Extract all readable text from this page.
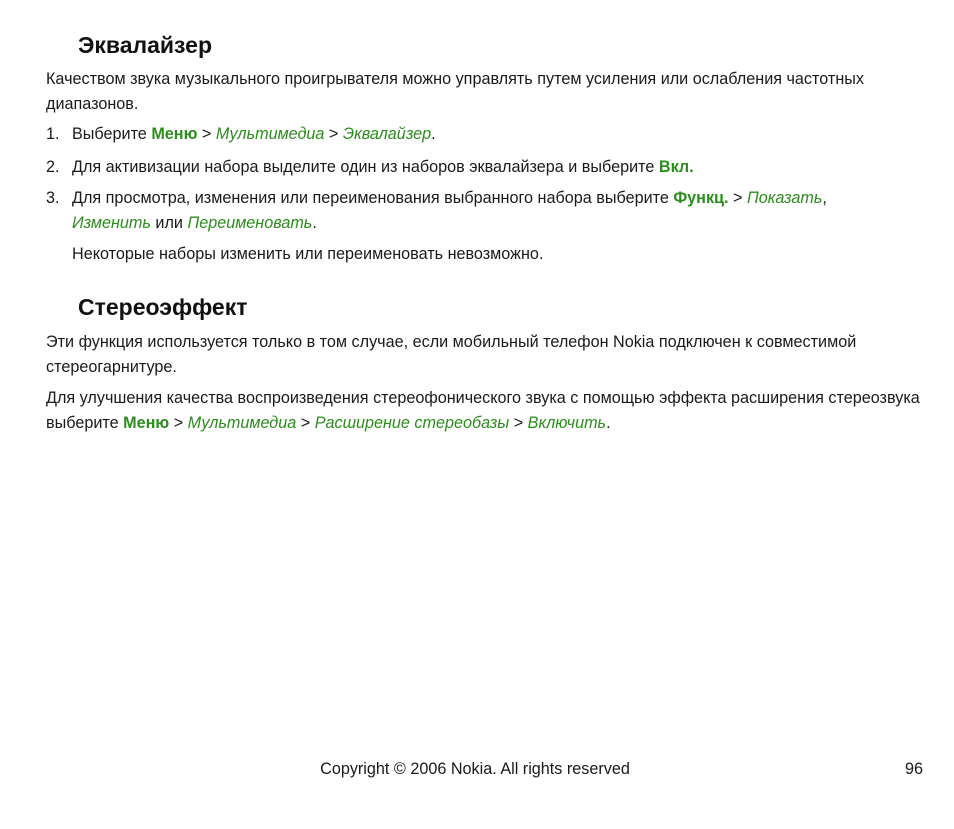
Эквалайзер

Качеством звука музыкального проигрывателя можно управлять путем усиления или ослабления частотных диапазонов.

1. Выберите Меню > Мультимедиа > Эквалайзер.
2. Для активизации набора выделите один из наборов эквалайзера и выберите Вкл.
3. Для просмотра, изменения или переименования выбранного набора выберите Функц. > Показать,
Изменить или Переименовать.

Некоторые наборы изменить или переименовать невозможно.

Стереоэффект

Эти функция используется только в том случае, если мобильный телефон Nokia подключен к совместимой стереогарнитуре.

Для улучшения качества воспроизведения стереофонического звука с помощью эффекта расширения стереозвука выберите Меню > Мультимедиа > Расширение стереобазы > Включить.

Copyright © 2006 Nokia. All rights reserved	96
